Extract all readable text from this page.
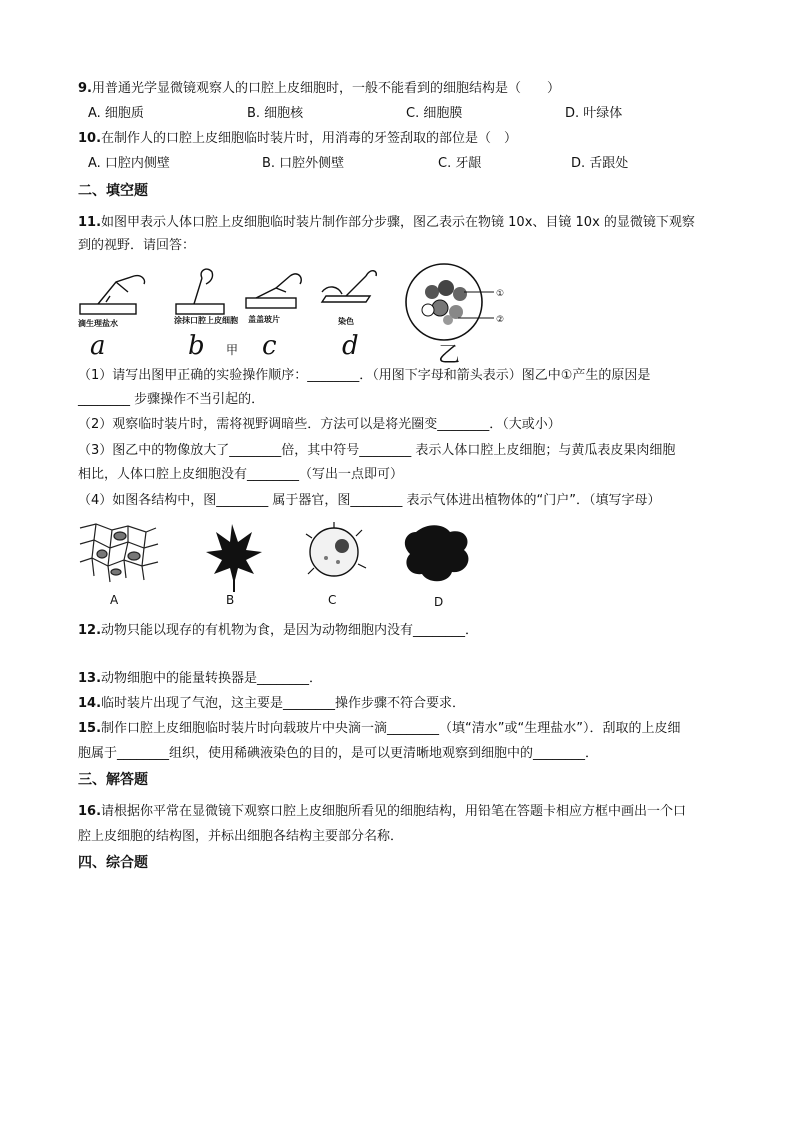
9.用普通光学显微镜观察人的口腔上皮细胞时，一般不能看到的细胞结构是（　　）
A. 细胞质	B. 细胞核	C. 细胞膜	D. 叶绿体
10.在制作人的口腔上皮细胞临时装片时，用消毒的牙签刮取的部位是（　）
A. 口腔内侧壁	B. 口腔外侧壁	C. 牙龈	D. 舌跟处
二、填空题
11.如图甲表示人体口腔上皮细胞临时装片制作部分步骤，图乙表示在物镜 10x、目镜 10x 的显微镜下观察
到的视野．请回答：
滴生理盐水
a
涂抹口腔上皮细胞
b 甲
盖盖玻片
c
染色
d
①
②
乙
（1）请写出图甲正确的实验操作顺序：________．（用图下字母和箭头表示）图乙中①产生的原因是
________ 步骤操作不当引起的．
（2）观察临时装片时，需将视野调暗些．方法可以是将光圈变________．（大或小）
（3）图乙中的物像放大了________倍，其中符号________ 表示人体口腔上皮细胞；与黄瓜表皮果肉细胞
相比，人体口腔上皮细胞没有________（写出一点即可）
（4）如图各结构中，图________ 属于器官，图________ 表示气体进出植物体的“门户”．（填写字母）
A	B	C	D
12.动物只能以现存的有机物为食，是因为动物细胞内没有________．
13.动物细胞中的能量转换器是________．
14.临时装片出现了气泡，这主要是________操作步骤不符合要求．
15.制作口腔上皮细胞临时装片时向载玻片中央滴一滴________（填“清水”或“生理盐水”）．刮取的上皮细
胞属于________组织，使用稀碘液染色的目的，是可以更清晰地观察到细胞中的________．
三、解答题
16.请根据你平常在显微镜下观察口腔上皮细胞所看见的细胞结构，用铅笔在答题卡相应方框中画出一个口
腔上皮细胞的结构图，并标出细胞各结构主要部分名称．
四、综合题
